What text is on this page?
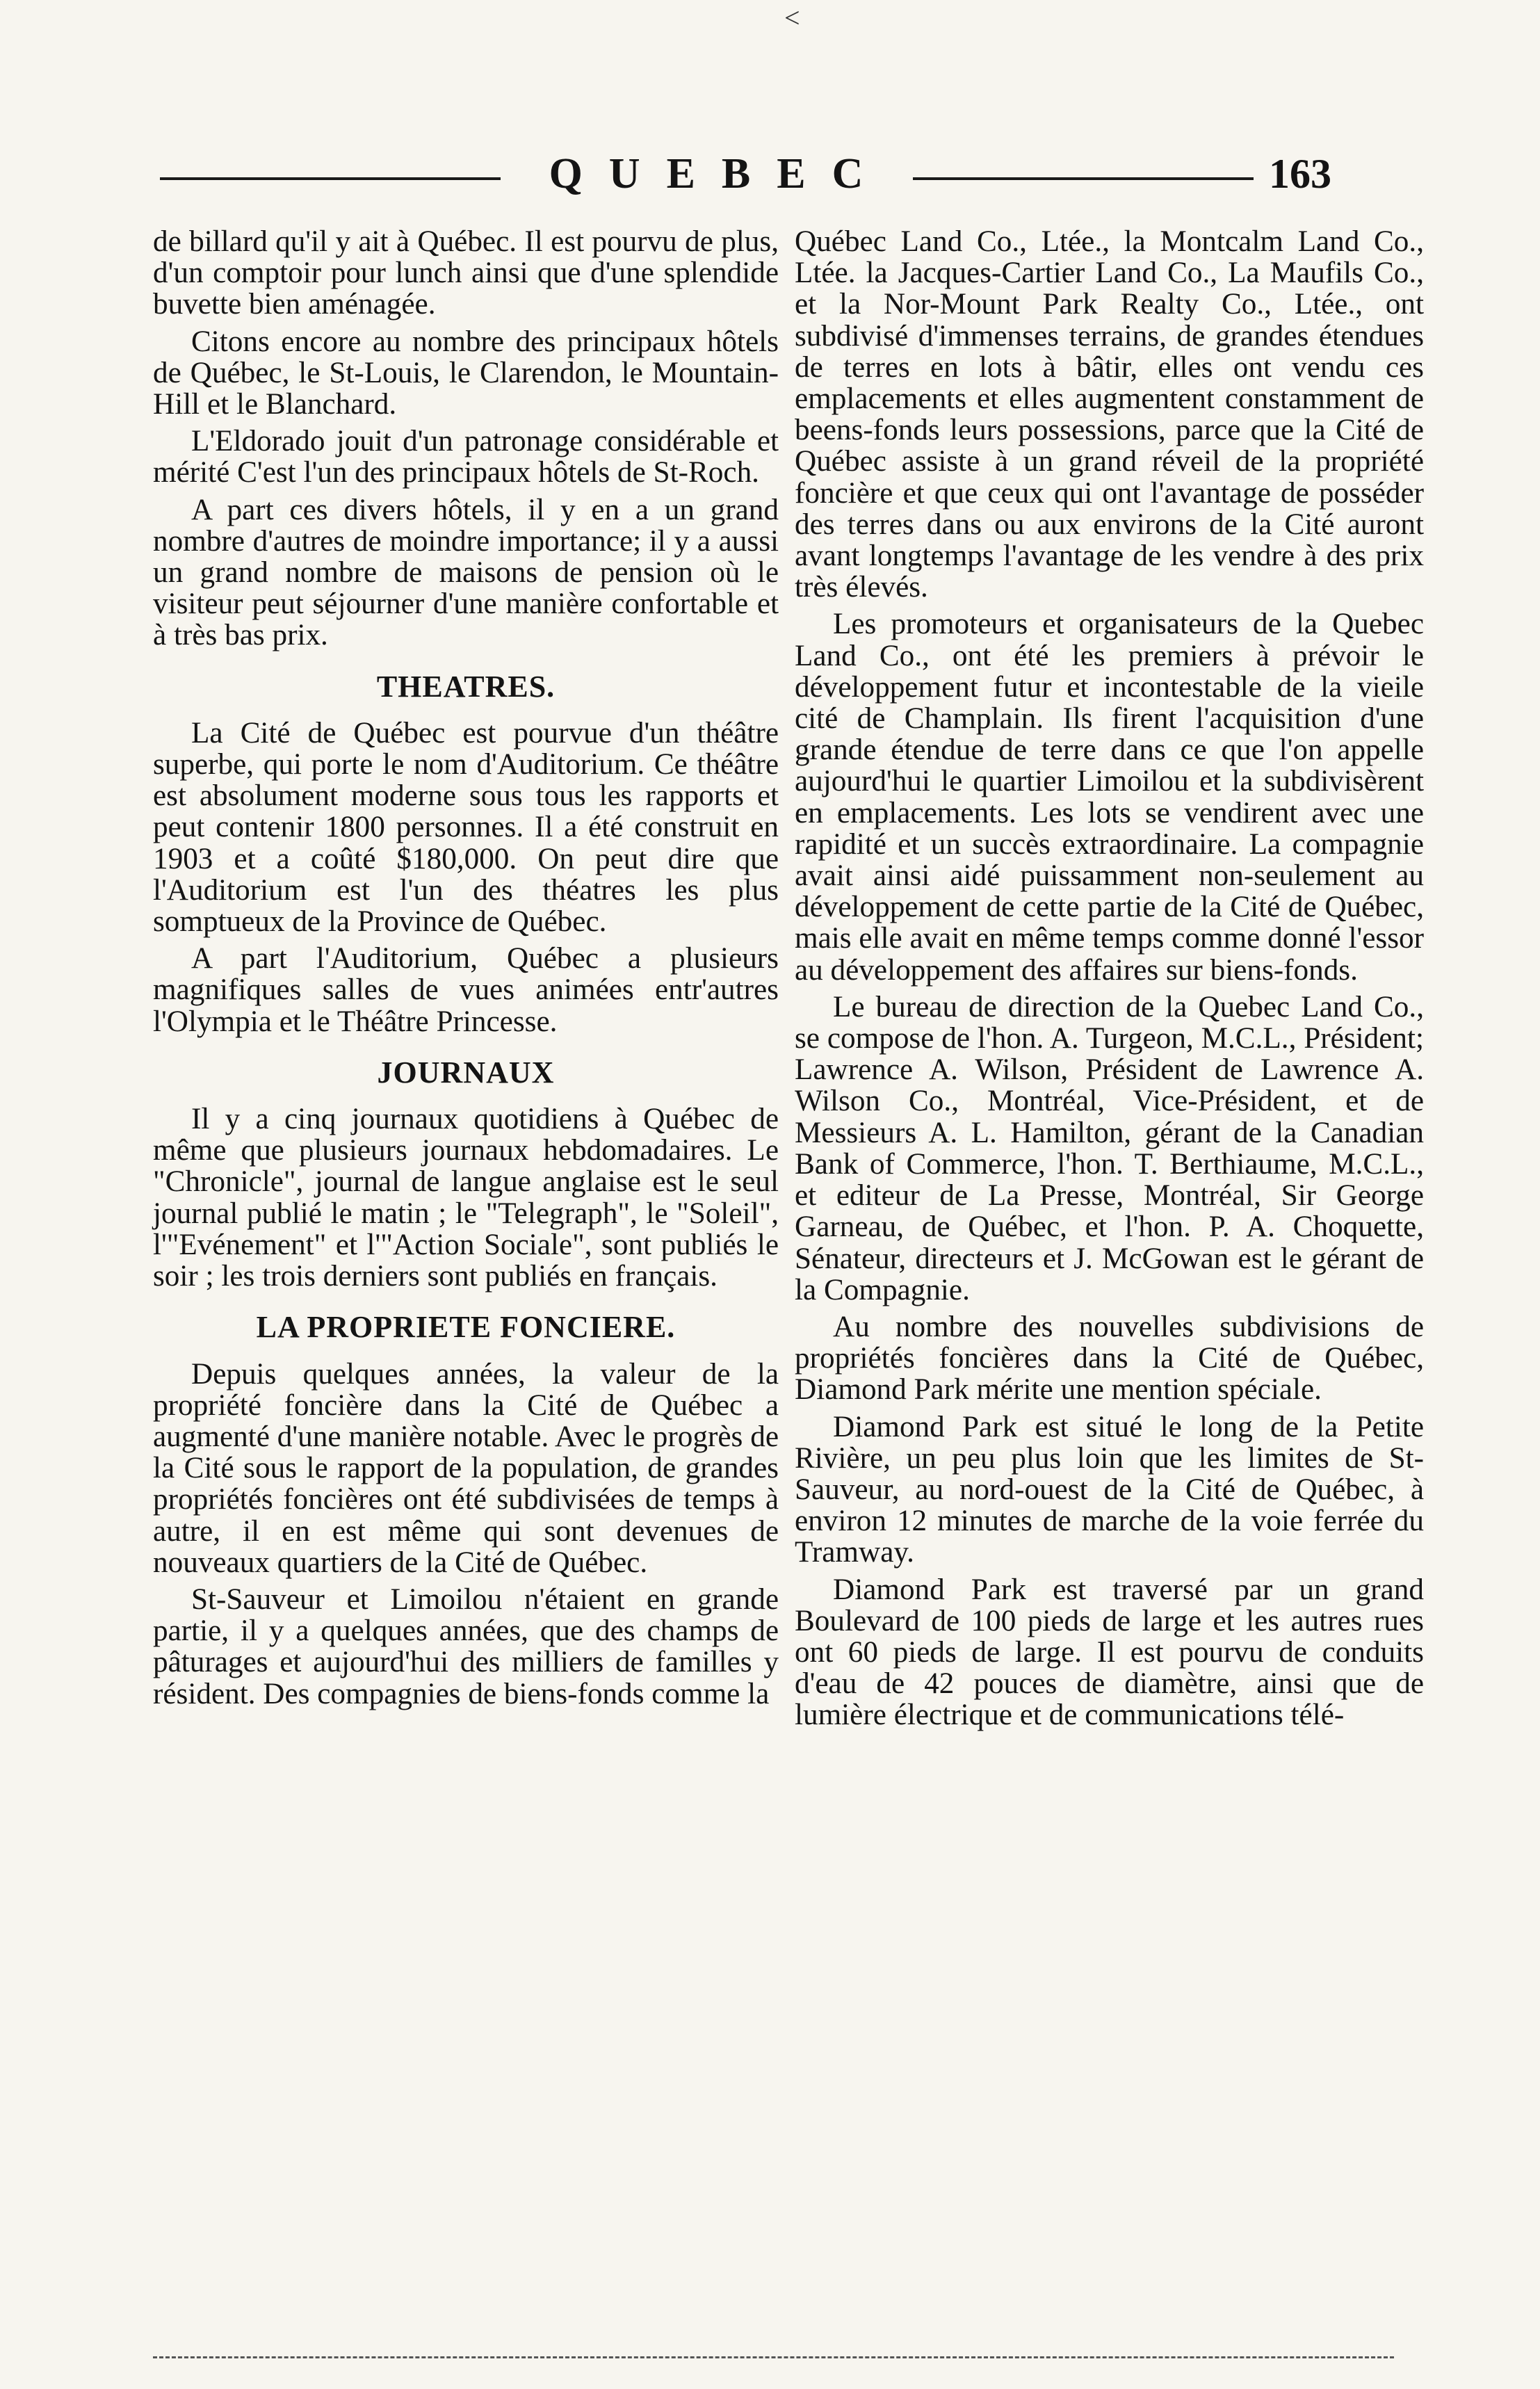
<
QUEBEC	163

de billard qu'il y ait à Québec. Il est pourvu de plus, d'un comptoir pour lunch ainsi que d'une splendide buvette bien aménagée.

Citons encore au nombre des principaux hôtels de Québec, le St-Louis, le Clarendon, le Mountain-Hill et le Blanchard.

L'Eldorado jouit d'un patronage considérable et mérité C'est l'un des principaux hôtels de St-Roch.

A part ces divers hôtels, il y en a un grand nombre d'autres de moindre importance; il y a aussi un grand nombre de maisons de pension où le visiteur peut séjourner d'une manière confortable et à très bas prix.

THEATRES.

La Cité de Québec est pourvue d'un théâtre superbe, qui porte le nom d'Auditorium. Ce théâtre est absolument moderne sous tous les rapports et peut contenir 1800 personnes. Il a été construit en 1903 et a coûté $180,000. On peut dire que l'Auditorium est l'un des théatres les plus somptueux de la Province de Québec.

A part l'Auditorium, Québec a plusieurs magnifiques salles de vues animées entr'autres l'Olympia et le Théâtre Princesse.

JOURNAUX

Il y a cinq journaux quotidiens à Québec de même que plusieurs journaux hebdomadaires. Le "Chronicle", journal de langue anglaise est le seul journal publié le matin ; le "Telegraph", le "Soleil", l'"Evénement" et l'"Action Sociale", sont publiés le soir ; les trois derniers sont publiés en français.

LA PROPRIETE FONCIERE.

Depuis quelques années, la valeur de la propriété foncière dans la Cité de Québec a augmenté d'une manière notable. Avec le progrès de la Cité sous le rapport de la population, de grandes propriétés foncières ont été subdivisées de temps à autre, il en est même qui sont devenues de nouveaux quartiers de la Cité de Québec.

St-Sauveur et Limoilou n'étaient en grande partie, il y a quelques années, que des champs de pâturages et aujourd'hui des milliers de familles y résident. Des compagnies de biens-fonds comme la

Québec Land Co., Ltée., la Montcalm Land Co., Ltée. la Jacques-Cartier Land Co., La Maufils Co., et la Nor-Mount Park Realty Co., Ltée., ont subdivisé d'immenses terrains, de grandes étendues de terres en lots à bâtir, elles ont vendu ces emplacements et elles augmentent constamment de beens-fonds leurs possessions, parce que la Cité de Québec assiste à un grand réveil de la propriété foncière et que ceux qui ont l'avantage de posséder des terres dans ou aux environs de la Cité auront avant longtemps l'avantage de les vendre à des prix très élevés.

Les promoteurs et organisateurs de la Quebec Land Co., ont été les premiers à prévoir le développement futur et incontestable de la vieile cité de Champlain. Ils firent l'acquisition d'une grande étendue de terre dans ce que l'on appelle aujourd'hui le quartier Limoilou et la subdivisèrent en emplacements. Les lots se vendirent avec une rapidité et un succès extraordinaire. La compagnie avait ainsi aidé puissamment non-seulement au développement de cette partie de la Cité de Québec, mais elle avait en même temps comme donné l'essor au développement des affaires sur biens-fonds.

Le bureau de direction de la Quebec Land Co., se compose de l'hon. A. Turgeon, M.C.L., Président; Lawrence A. Wilson, Président de Lawrence A. Wilson Co., Montréal, Vice-Président, et de Messieurs A. L. Hamilton, gérant de la Canadian Bank of Commerce, l'hon. T. Berthiaume, M.C.L., et editeur de La Presse, Montréal, Sir George Garneau, de Québec, et l'hon. P. A. Choquette, Sénateur, directeurs et J. McGowan est le gérant de la Compagnie.

Au nombre des nouvelles subdivisions de propriétés foncières dans la Cité de Québec, Diamond Park mérite une mention spéciale.

Diamond Park est situé le long de la Petite Rivière, un peu plus loin que les limites de St-Sauveur, au nord-ouest de la Cité de Québec, à environ 12 minutes de marche de la voie ferrée du Tramway.

Diamond Park est traversé par un grand Boulevard de 100 pieds de large et les autres rues ont 60 pieds de large. Il est pourvu de conduits d'eau de 42 pouces de diamètre, ainsi que de lumière électrique et de communications télé-
